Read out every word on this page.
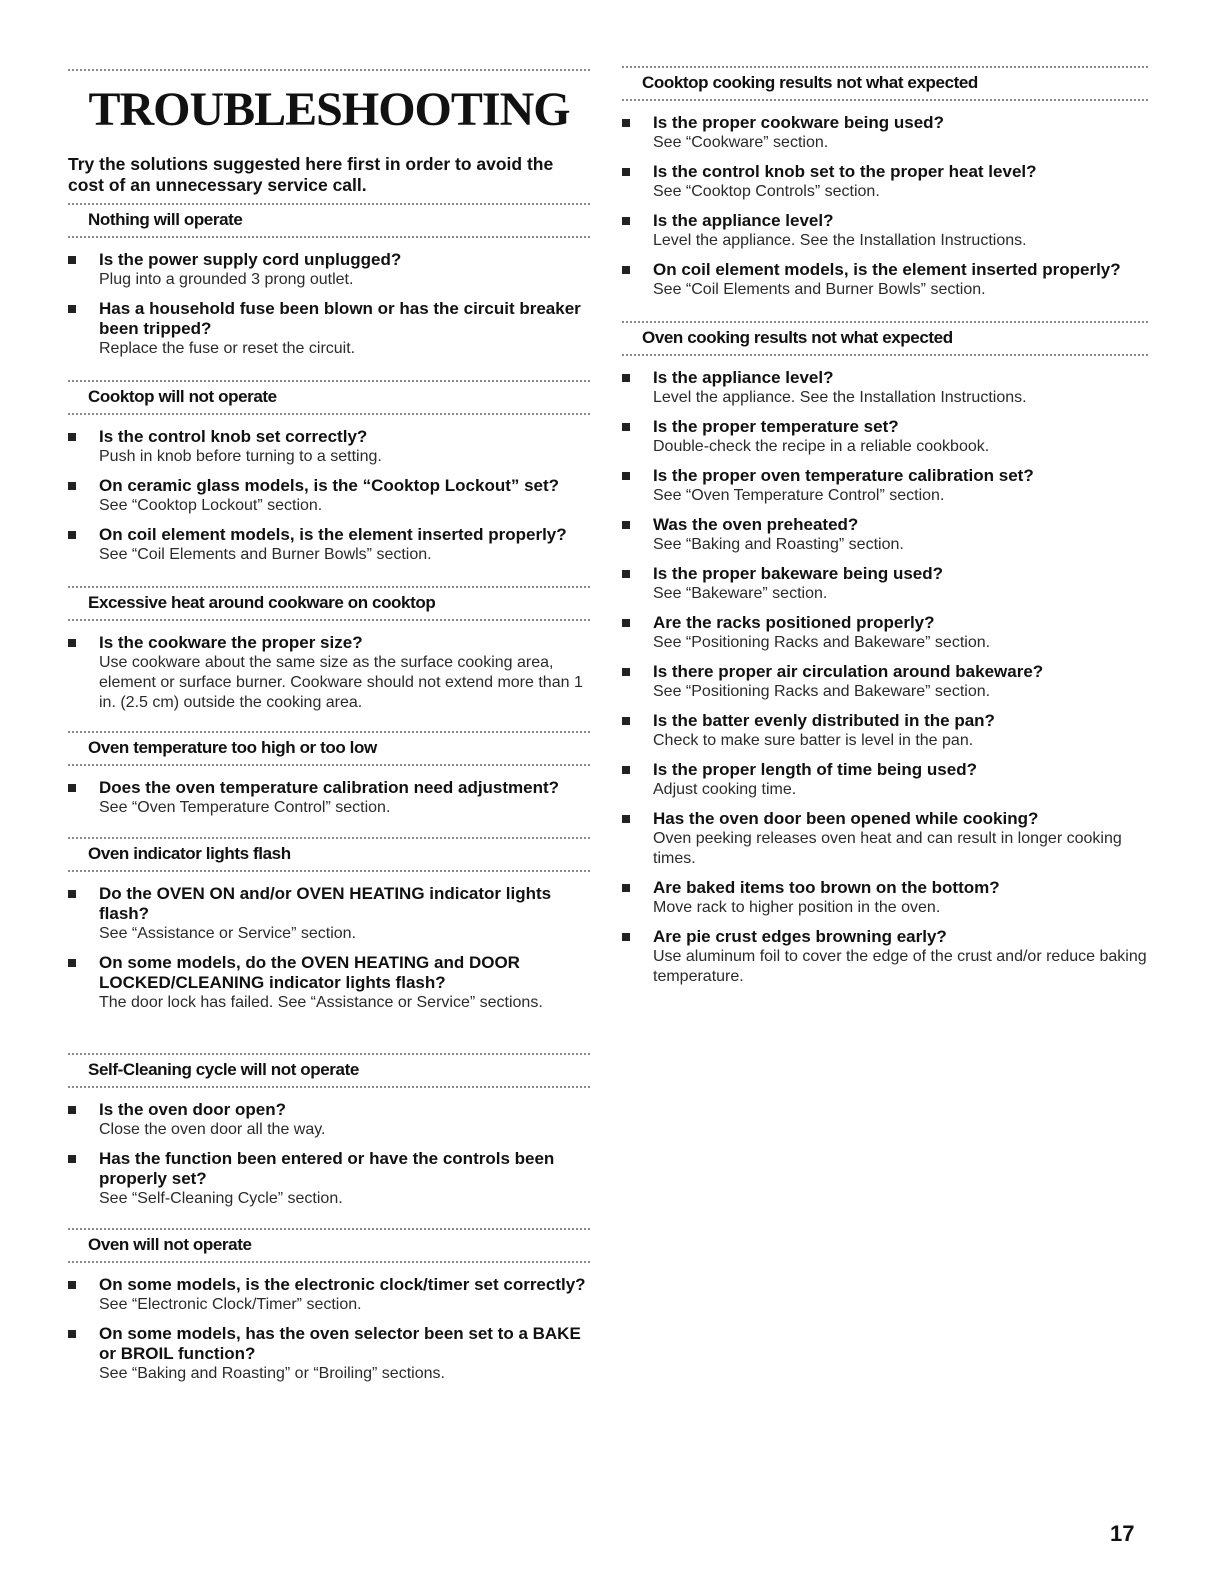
TROUBLESHOOTING

Try the solutions suggested here first in order to avoid the cost of an unnecessary service call.

Nothing will operate
Is the power supply cord unplugged?
Plug into a grounded 3 prong outlet.
Has a household fuse been blown or has the circuit breaker been tripped?
Replace the fuse or reset the circuit.
Cooktop will not operate
Is the control knob set correctly?
Push in knob before turning to a setting.
On ceramic glass models, is the “Cooktop Lockout” set?
See “Cooktop Lockout” section.
On coil element models, is the element inserted properly?
See “Coil Elements and Burner Bowls” section.
Excessive heat around cookware on cooktop
Is the cookware the proper size?
Use cookware about the same size as the surface cooking area, element or surface burner. Cookware should not extend more than 1 in. (2.5 cm) outside the cooking area.
Oven temperature too high or too low
Does the oven temperature calibration need adjustment?
See “Oven Temperature Control” section.
Oven indicator lights flash
Do the OVEN ON and/or OVEN HEATING indicator lights flash?
See “Assistance or Service” section.
On some models, do the OVEN HEATING and DOOR LOCKED/CLEANING indicator lights flash?
The door lock has failed. See “Assistance or Service” sections.
Self-Cleaning cycle will not operate
Is the oven door open?
Close the oven door all the way.
Has the function been entered or have the controls been properly set?
See “Self-Cleaning Cycle” section.
Oven will not operate
On some models, is the electronic clock/timer set correctly?
See “Electronic Clock/Timer” section.
On some models, has the oven selector been set to a BAKE or BROIL function?
See “Baking and Roasting” or “Broiling” sections.
Cooktop cooking results not what expected
Is the proper cookware being used?
See “Cookware” section.
Is the control knob set to the proper heat level?
See “Cooktop Controls” section.
Is the appliance level?
Level the appliance. See the Installation Instructions.
On coil element models, is the element inserted properly?
See “Coil Elements and Burner Bowls” section.
Oven cooking results not what expected
Is the appliance level?
Level the appliance. See the Installation Instructions.
Is the proper temperature set?
Double-check the recipe in a reliable cookbook.
Is the proper oven temperature calibration set?
See “Oven Temperature Control” section.
Was the oven preheated?
See “Baking and Roasting” section.
Is the proper bakeware being used?
See “Bakeware” section.
Are the racks positioned properly?
See “Positioning Racks and Bakeware” section.
Is there proper air circulation around bakeware?
See “Positioning Racks and Bakeware” section.
Is the batter evenly distributed in the pan?
Check to make sure batter is level in the pan.
Is the proper length of time being used?
Adjust cooking time.
Has the oven door been opened while cooking?
Oven peeking releases oven heat and can result in longer cooking times.
Are baked items too brown on the bottom?
Move rack to higher position in the oven.
Are pie crust edges browning early?
Use aluminum foil to cover the edge of the crust and/or reduce baking temperature.
17
